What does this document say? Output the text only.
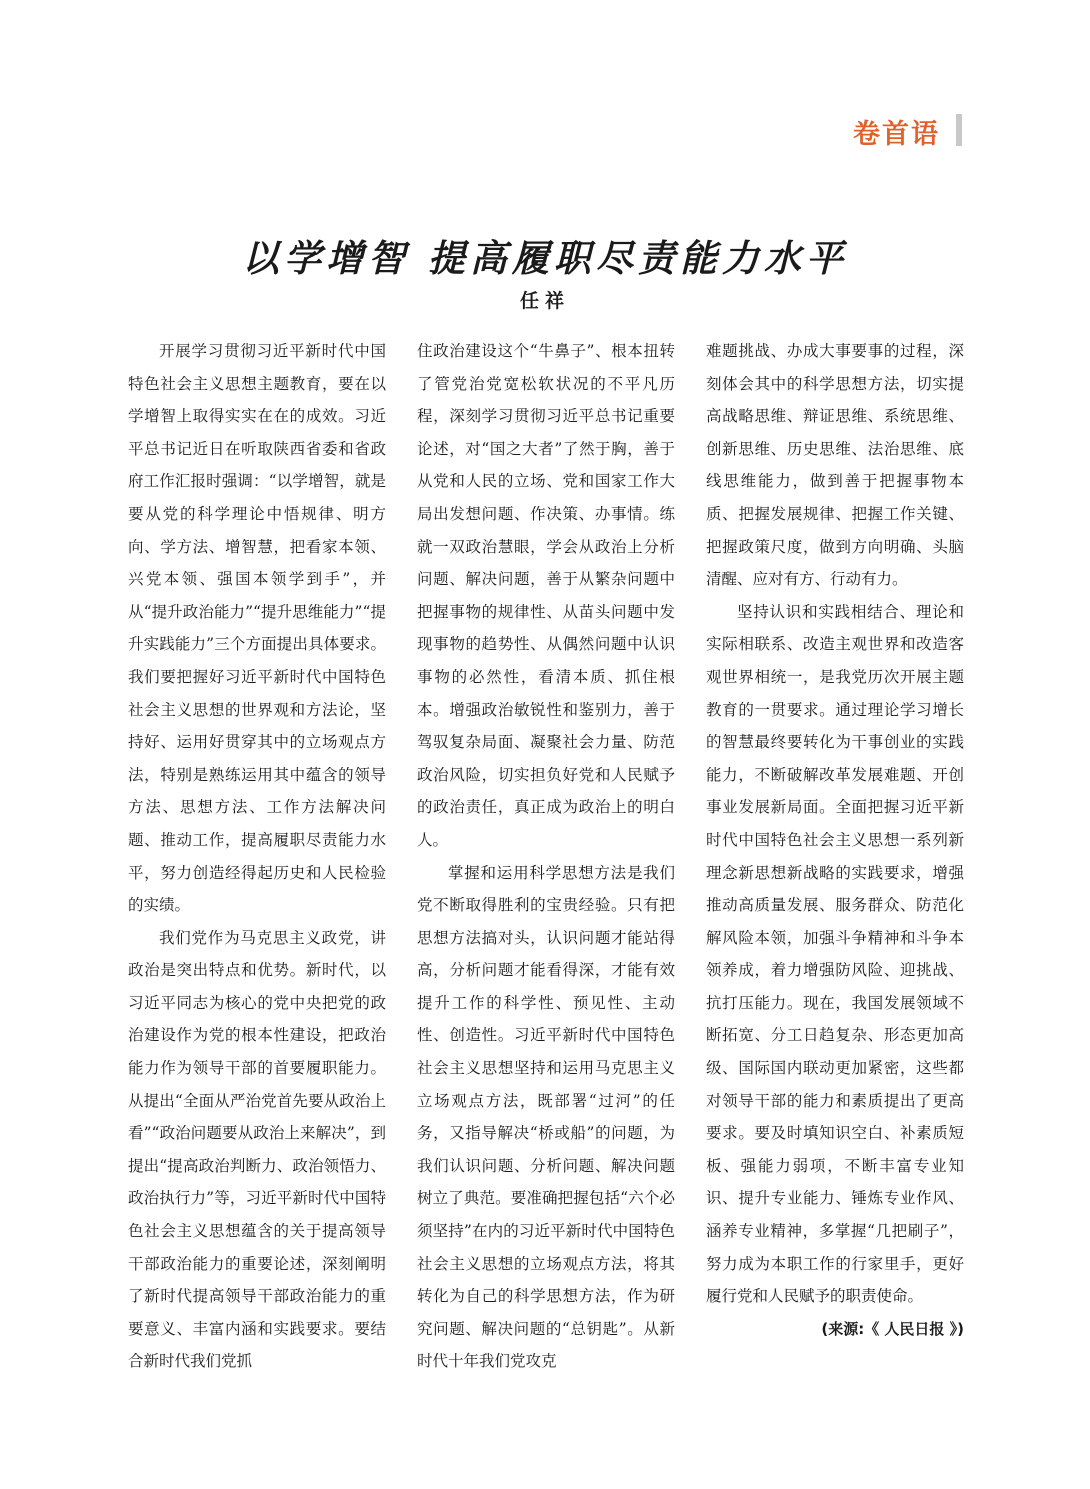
卷首语
以学增智 提高履职尽责能力水平
任祥

开展学习贯彻习近平新时代中国特色社会主义思想主题教育，要在以学增智上取得实实在在的成效。习近平总书记近日在听取陕西省委和省政府工作汇报时强调：“以学增智，就是要从党的科学理论中悟规律、明方向、学方法、增智慧，把看家本领、兴党本领、强国本领学到手”，并从“提升政治能力”“提升思维能力”“提升实践能力”三个方面提出具体要求。我们要把握好习近平新时代中国特色社会主义思想的世界观和方法论，坚持好、运用好贯穿其中的立场观点方法，特别是熟练运用其中蕴含的领导方法、思想方法、工作方法解决问题、推动工作，提高履职尽责能力水平，努力创造经得起历史和人民检验的实绩。

我们党作为马克思主义政党，讲政治是突出特点和优势。新时代，以习近平同志为核心的党中央把党的政治建设作为党的根本性建设，把政治能力作为领导干部的首要履职能力。从提出“全面从严治党首先要从政治上看”“政治问题要从政治上来解决”，到提出“提高政治判断力、政治领悟力、政治执行力”等，习近平新时代中国特色社会主义思想蕴含的关于提高领导干部政治能力的重要论述，深刻阐明了新时代提高领导干部政治能力的重要意义、丰富内涵和实践要求。要结合新时代我们党抓

住政治建设这个“牛鼻子”、根本扭转了管党治党宽松软状况的不平凡历程，深刻学习贯彻习近平总书记重要论述，对“国之大者”了然于胸，善于从党和人民的立场、党和国家工作大局出发想问题、作决策、办事情。练就一双政治慧眼，学会从政治上分析问题、解决问题，善于从繁杂问题中把握事物的规律性、从苗头问题中发现事物的趋势性、从偶然问题中认识事物的必然性，看清本质、抓住根本。增强政治敏锐性和鉴别力，善于驾驭复杂局面、凝聚社会力量、防范政治风险，切实担负好党和人民赋予的政治责任，真正成为政治上的明白人。

掌握和运用科学思想方法是我们党不断取得胜利的宝贵经验。只有把思想方法搞对头，认识问题才能站得高，分析问题才能看得深，才能有效提升工作的科学性、预见性、主动性、创造性。习近平新时代中国特色社会主义思想坚持和运用马克思主义立场观点方法，既部署“过河”的任务，又指导解决“桥或船”的问题，为我们认识问题、分析问题、解决问题树立了典范。要准确把握包括“六个必须坚持”在内的习近平新时代中国特色社会主义思想的立场观点方法，将其转化为自己的科学思想方法，作为研究问题、解决问题的“总钥匙”。从新时代十年我们党攻克

难题挑战、办成大事要事的过程，深刻体会其中的科学思想方法，切实提高战略思维、辩证思维、系统思维、创新思维、历史思维、法治思维、底线思维能力，做到善于把握事物本质、把握发展规律、把握工作关键、把握政策尺度，做到方向明确、头脑清醒、应对有方、行动有力。

坚持认识和实践相结合、理论和实际相联系、改造主观世界和改造客观世界相统一，是我党历次开展主题教育的一贯要求。通过理论学习增长的智慧最终要转化为干事创业的实践能力，不断破解改革发展难题、开创事业发展新局面。全面把握习近平新时代中国特色社会主义思想一系列新理念新思想新战略的实践要求，增强推动高质量发展、服务群众、防范化解风险本领，加强斗争精神和斗争本领养成，着力增强防风险、迎挑战、抗打压能力。现在，我国发展领域不断拓宽、分工日趋复杂、形态更加高级、国际国内联动更加紧密，这些都对领导干部的能力和素质提出了更高要求。要及时填知识空白、补素质短板、强能力弱项，不断丰富专业知识、提升专业能力、锤炼专业作风、涵养专业精神，多掌握“几把刷子”，努力成为本职工作的行家里手，更好履行党和人民赋予的职责使命。

(来源:《 人民日报 》)
